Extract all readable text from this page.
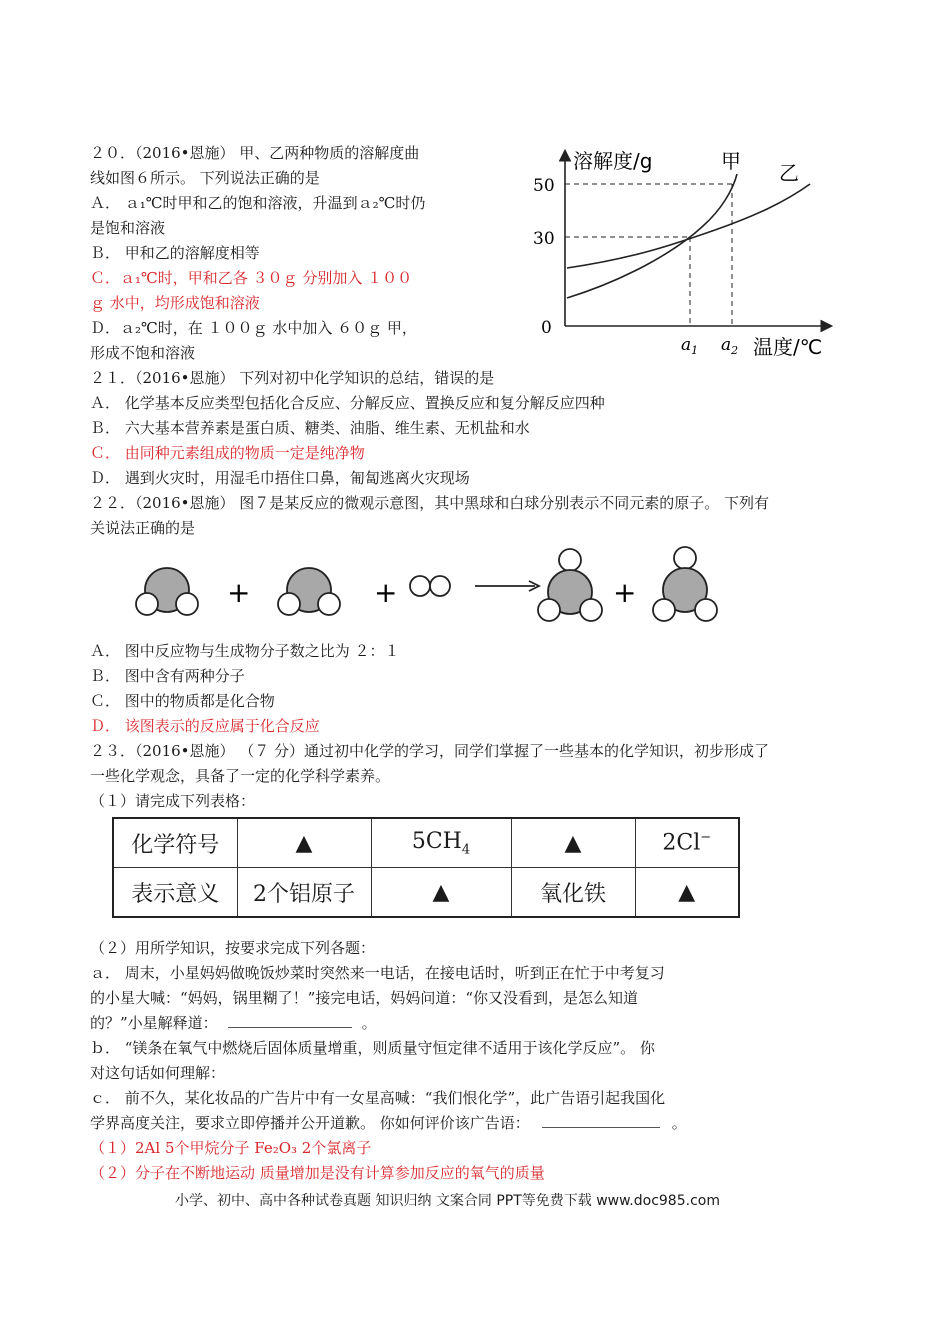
２０．（2016•恩施） 甲、乙两种物质的溶解度曲
线如图６所示。 下列说法正确的是
Ａ． ａ₁℃时甲和乙的饱和溶液，升温到ａ₂℃时仍
是饱和溶液
Ｂ． 甲和乙的溶解度相等
Ｃ．ａ₁℃时，甲和乙各 ３０ｇ 分别加入 １００
ｇ 水中，均形成饱和溶液
Ｄ．ａ₂℃时，在 １００ｇ 水中加入 ６０ｇ 甲，
形成不饱和溶液
溶解度/g	甲 乙
50
30
0
$a_1$ $a_2$ 温度/℃
２１．（2016•恩施） 下列对初中化学知识的总结，错误的是
Ａ． 化学基本反应类型包括化合反应、分解反应、置换反应和复分解反应四种
Ｂ． 六大基本营养素是蛋白质、糖类、油脂、维生素、无机盐和水
Ｃ． 由同种元素组成的物质一定是纯净物
Ｄ． 遇到火灾时，用湿毛巾捂住口鼻，匍匐逃离火灾现场
２２．（2016•恩施） 图７是某反应的微观示意图，其中黑球和白球分别表示不同元素的原子。 下列有
关说法正确的是
+	+	+
Ａ． 图中反应物与生成物分子数之比为 ２：１
Ｂ． 图中含有两种分子
Ｃ． 图中的物质都是化合物
Ｄ． 该图表示的反应属于化合反应
２３．（2016•恩施） （７ 分）通过初中化学的学习，同学们掌握了一些基本的化学知识，初步形成了
一些化学观念，具备了一定的化学科学素养。
（１）请完成下列表格：
化学符号	▲	$5CH_4$	▲	2Cl−
表示意义	2个铝原子	▲	氧化铁	▲
（２）用所学知识，按要求完成下列各题：
ａ． 周末，小星妈妈做晚饭炒菜时突然来一电话，在接电话时，听到正在忙于中考复习
的小星大喊：“妈妈，锅里糊了！”接完电话，妈妈问道：“你又没看到，是怎么知道
的？”小星解释道：	。
ｂ． “镁条在氧气中燃烧后固体质量增重，则质量守恒定律不适用于该化学反应”。 你
对这句话如何理解：
ｃ． 前不久，某化妆品的广告片中有一女星高喊：“我们恨化学”，此广告语引起我国化
学界高度关注，要求立即停播并公开道歉。 你如何评价该广告语：	。
（１）2Al 5个甲烷分子 Fe₂O₃ 2个氯离子
（２）分子在不断地运动 质量增加是没有计算参加反应的氧气的质量
小学、初中、高中各种试卷真题 知识归纳 文案合同 PPT等免费下载 www.doc985.com
